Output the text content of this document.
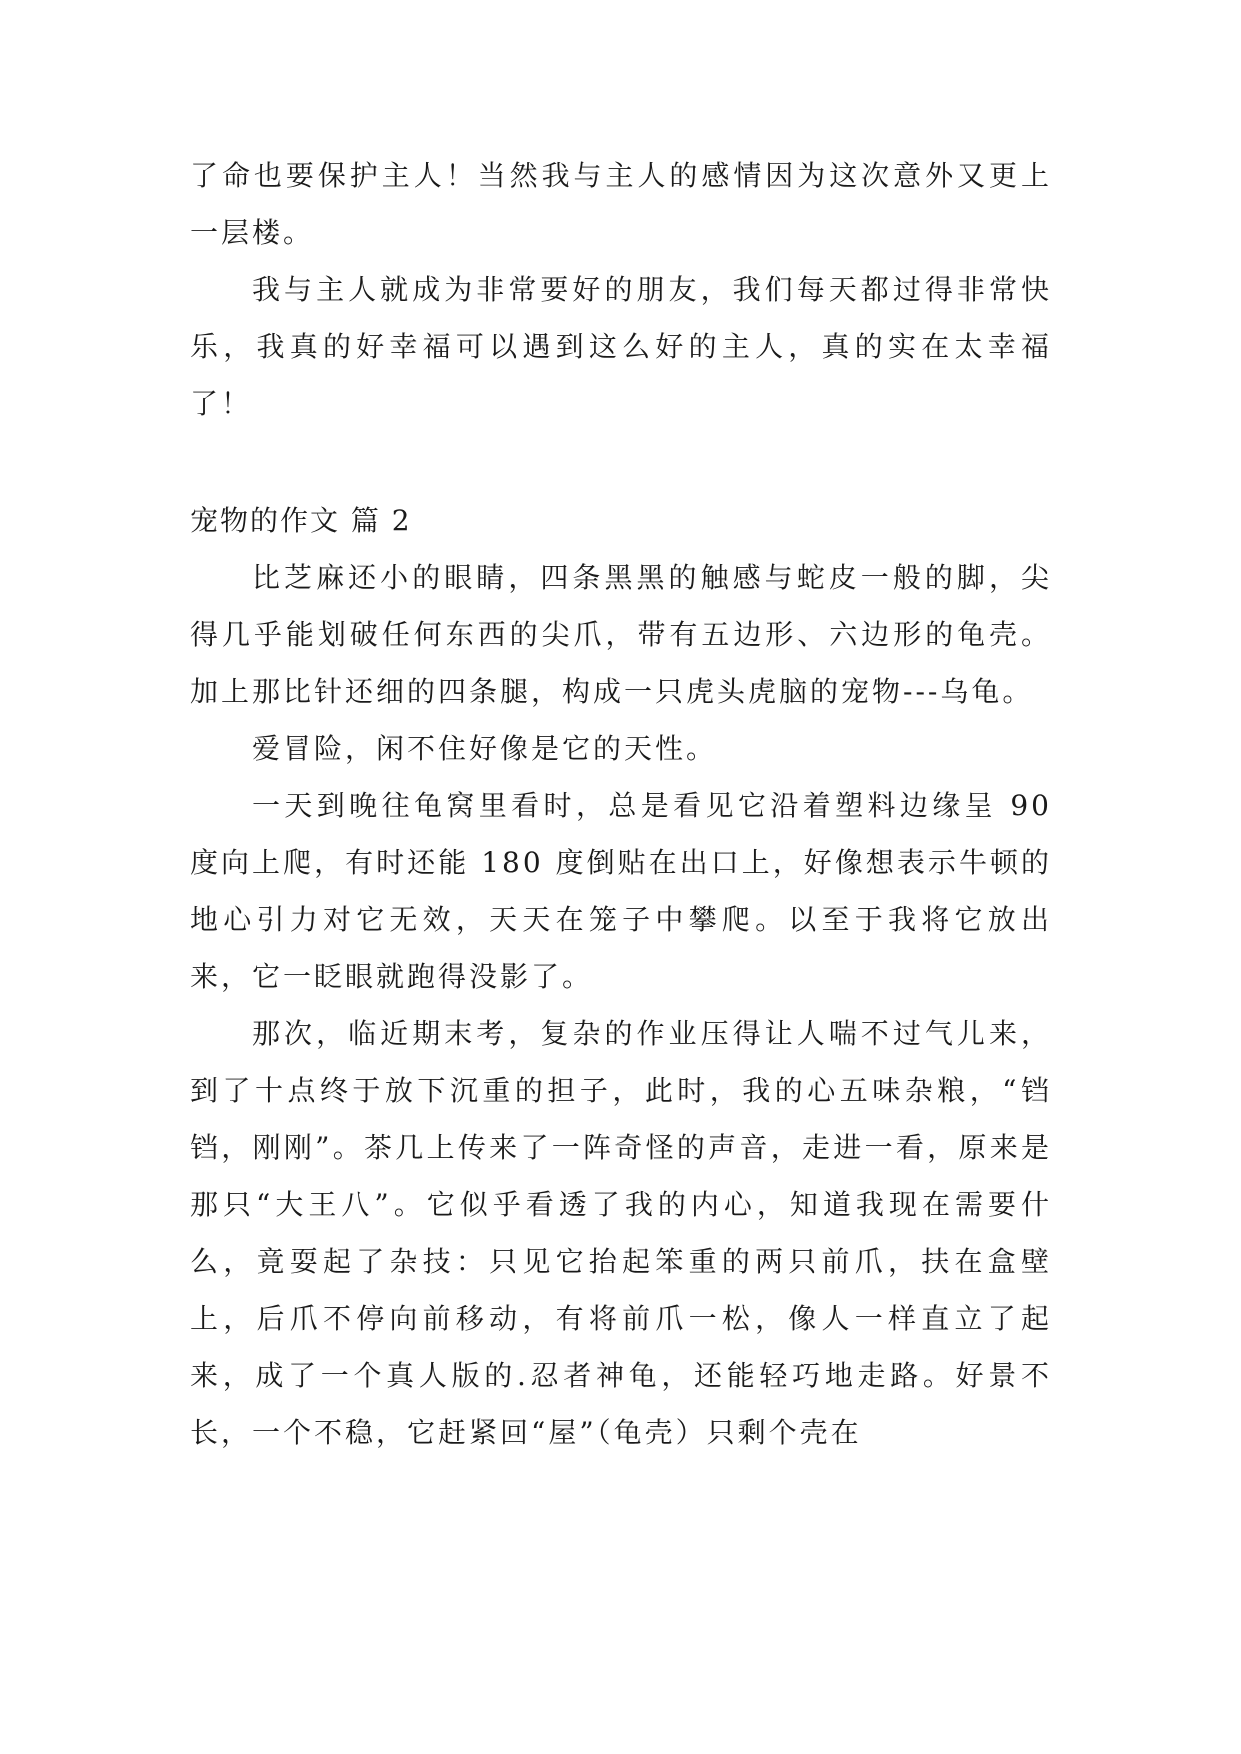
了命也要保护主人！当然我与主人的感情因为这次意外又更上一层楼。

我与主人就成为非常要好的朋友，我们每天都过得非常快乐，我真的好幸福可以遇到这么好的主人，真的实在太幸福了！

宠物的作文 篇 2

比芝麻还小的眼睛，四条黑黑的触感与蛇皮一般的脚，尖得几乎能划破任何东西的尖爪，带有五边形、六边形的龟壳。加上那比针还细的四条腿，构成一只虎头虎脑的宠物---乌龟。

爱冒险，闲不住好像是它的天性。

一天到晚往龟窝里看时，总是看见它沿着塑料边缘呈 90 度向上爬，有时还能 180 度倒贴在出口上，好像想表示牛顿的地心引力对它无效，天天在笼子中攀爬。以至于我将它放出来，它一眨眼就跑得没影了。

那次，临近期末考，复杂的作业压得让人喘不过气儿来，到了十点终于放下沉重的担子，此时，我的心五味杂粮，“铛铛，刚刚”。茶几上传来了一阵奇怪的声音，走进一看，原来是那只“大王八”。它似乎看透了我的内心，知道我现在需要什么，竟耍起了杂技：只见它抬起笨重的两只前爪，扶在盒壁上，后爪不停向前移动，有将前爪一松，像人一样直立了起来，成了一个真人版的.忍者神龟，还能轻巧地走路。好景不长，一个不稳，它赶紧回“屋”（龟壳）只剩个壳在
